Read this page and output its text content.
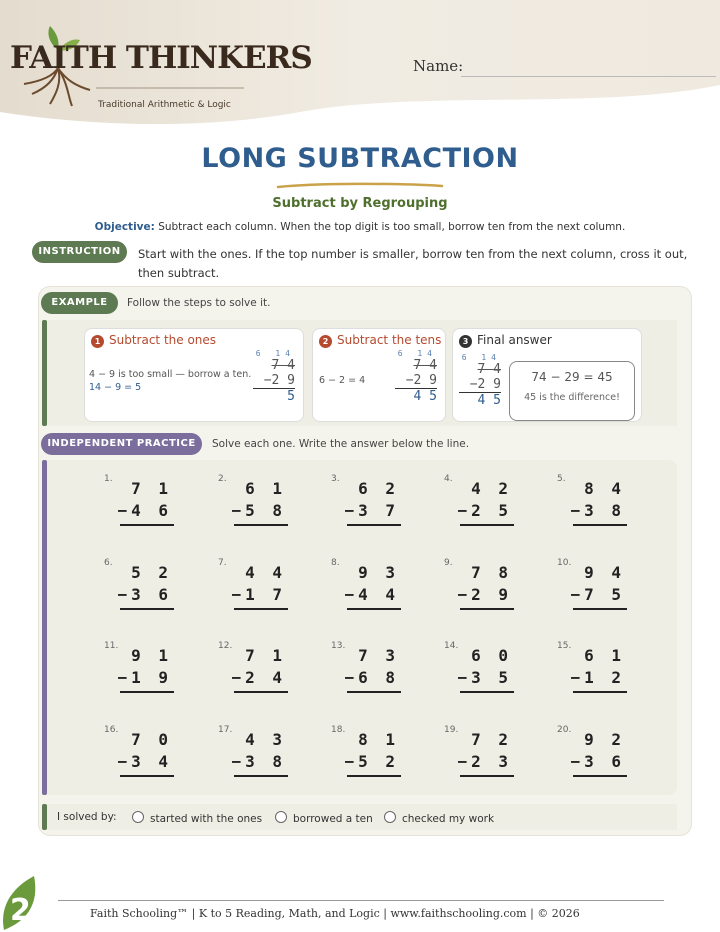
FAITH THINKERS
Traditional Arithmetic & Logic
Name:
LONG SUBTRACTION
Subtract by Regrouping
Objective: Subtract each column. When the top digit is too small, borrow ten from the next column.
INSTRUCTION	Start with the ones. If the top number is smaller, borrow ten from the next column, cross it out, then subtract.
EXAMPLE	Follow the steps to solve it.
1 Subtract the ones
4 − 9 is too small — borrow a ten.
14 − 9 = 5
6 14
7 4
−2 9
5
2 Subtract the tens
6 − 2 = 4
6 14
7 4
−2 9
4 5
3 Final answer
6 14
7 4
−2 9
4 5
74 − 29 = 45
45 is the difference!
INDEPENDENT PRACTICE	Solve each one. Write the answer below the line.
1.	7 1
−4 6
2.	6 1
−5 8
3.	6 2
−3 7
4.	4 2
−2 5
5.	8 4
−3 8
6.	5 2
−3 6
7.	4 4
−1 7
8.	9 3
−4 4
9.	7 8
−2 9
10. 9 4
−7 5
11. 9 1
−1 9
12. 7 1
−2 4
13. 7 3
−6 8
14. 6 0
−3 5
15. 6 1
−1 2
16. 7 0
−3 4
17. 4 3
−3 8
18. 8 1
−5 2
19. 7 2
−2 3
20. 9 2
−3 6
I solved by:	started with the ones	borrowed a ten	checked my work
2	Faith Schooling™ | K to 5 Reading, Math, and Logic | www.faithschooling.com | © 2026
